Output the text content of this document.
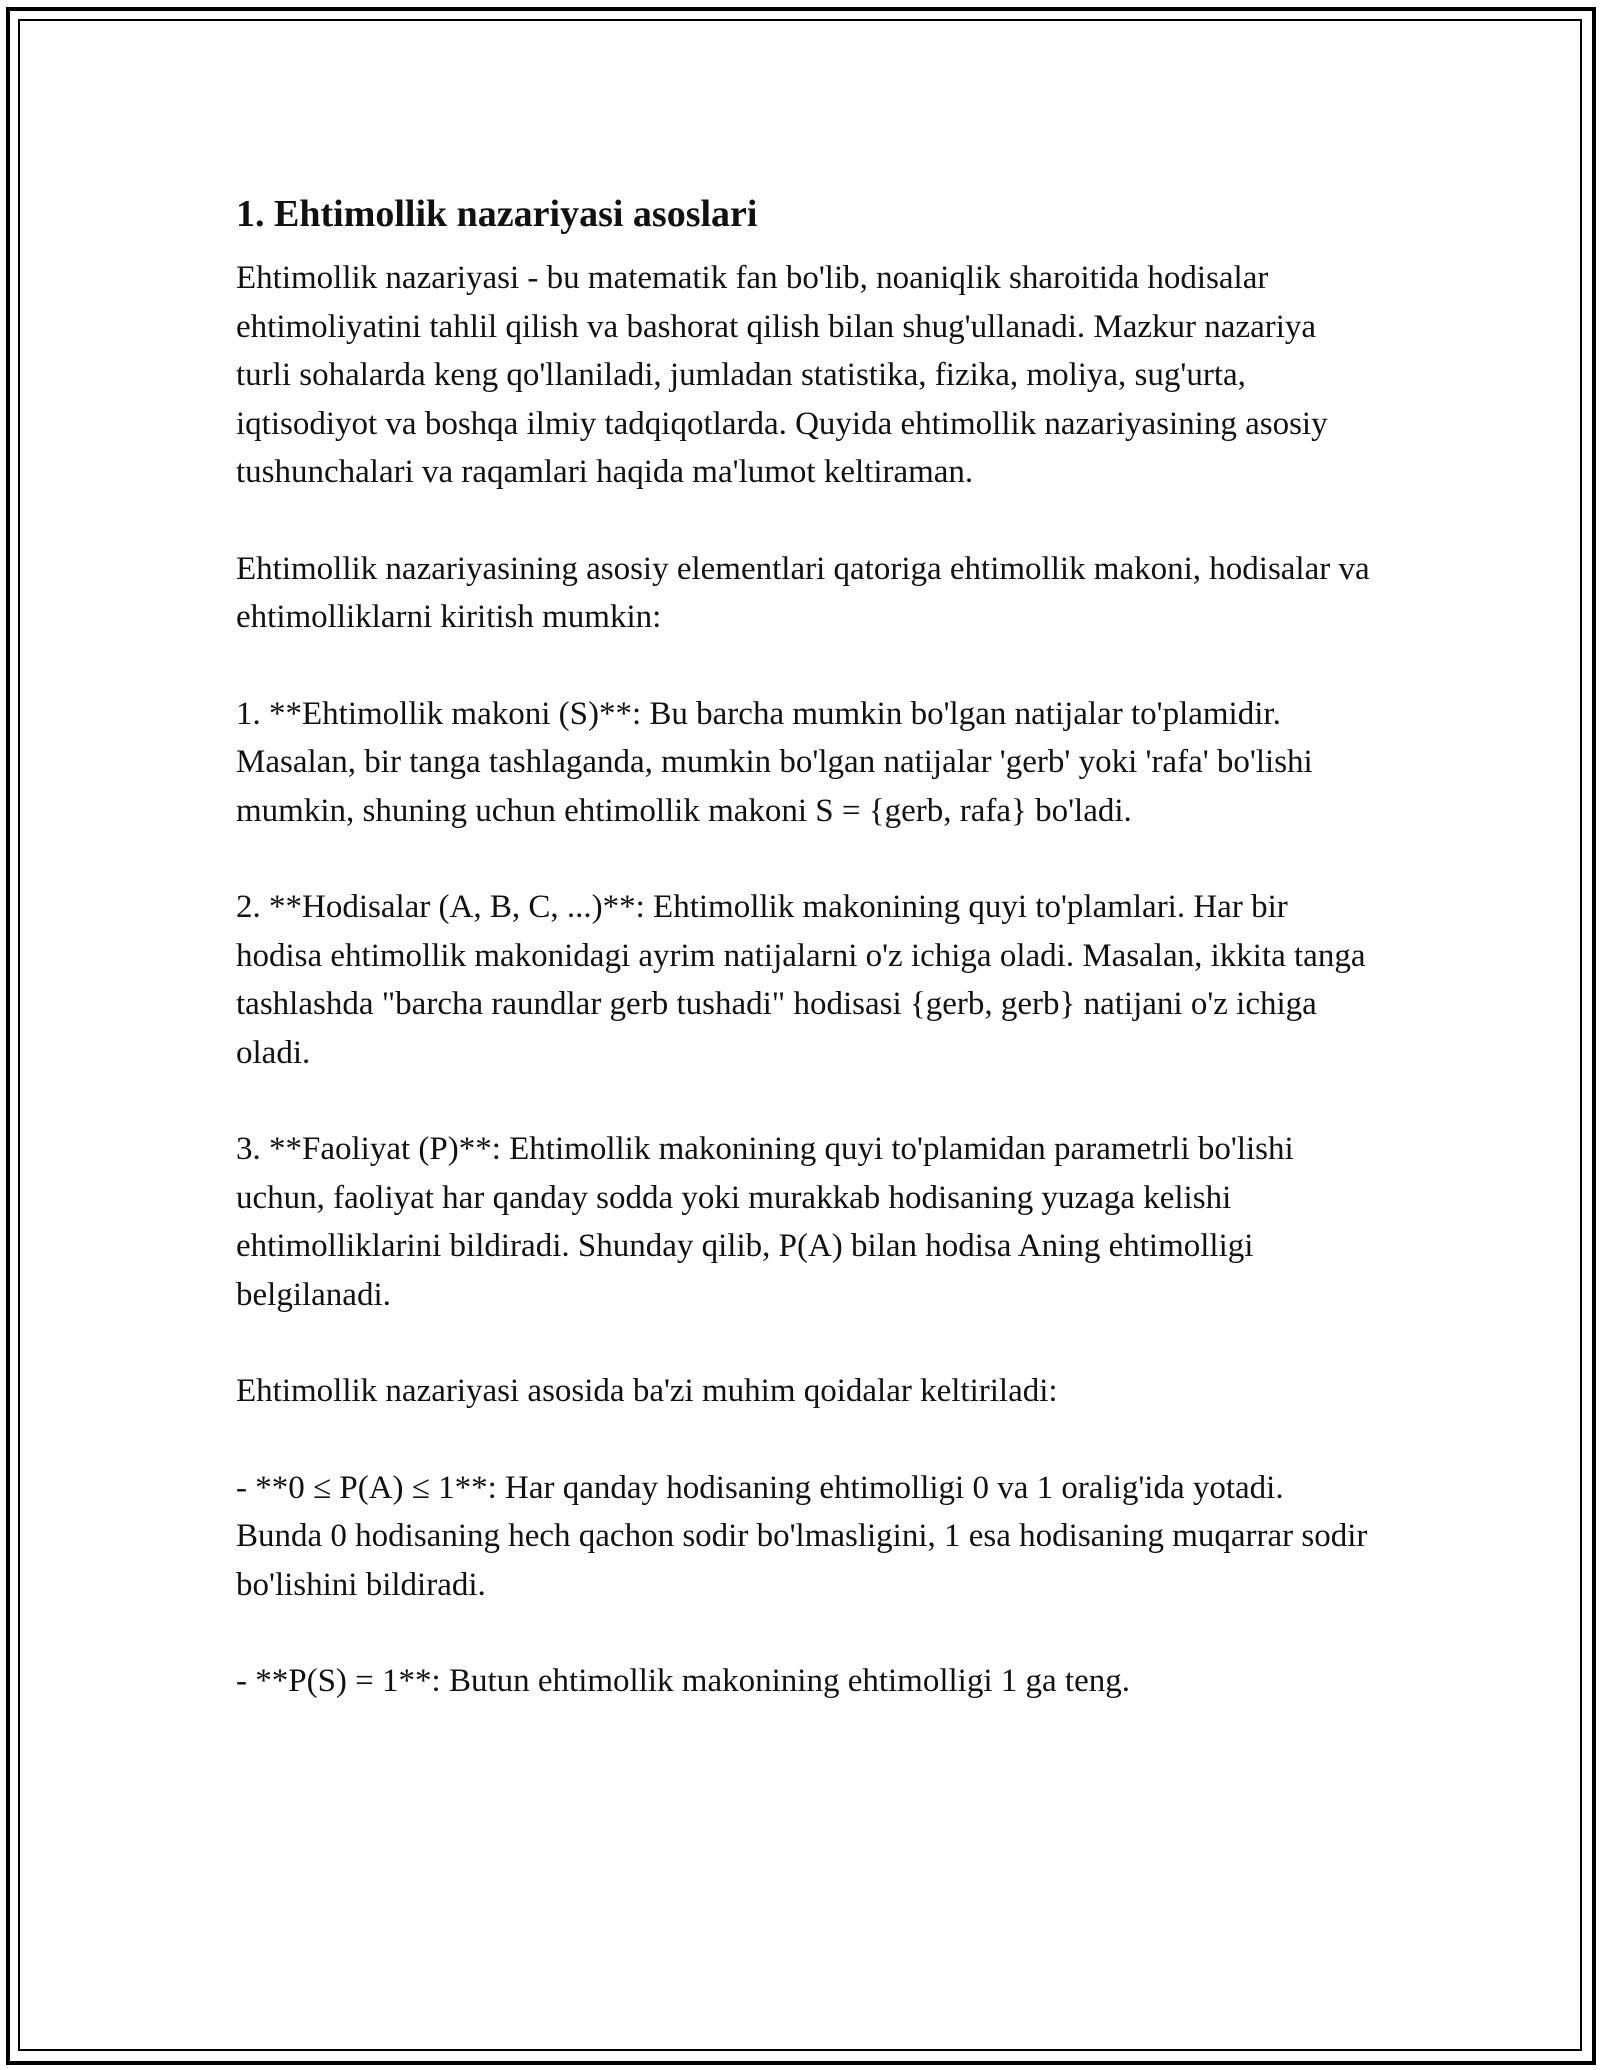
1. Ehtimollik nazariyasi asoslari

Ehtimollik nazariyasi - bu matematik fan bo'lib, noaniqlik sharoitida hodisalar ehtimoliyatini tahlil qilish va bashorat qilish bilan shug'ullanadi. Mazkur nazariya turli sohalarda keng qo'llaniladi, jumladan statistika, fizika, moliya, sug'urta, iqtisodiyot va boshqa ilmiy tadqiqotlarda. Quyida ehtimollik nazariyasining asosiy tushunchalari va raqamlari haqida ma'lumot keltiraman.

Ehtimollik nazariyasining asosiy elementlari qatoriga ehtimollik makoni, hodisalar va ehtimolliklarni kiritish mumkin:

1. **Ehtimollik makoni (S)**: Bu barcha mumkin bo'lgan natijalar to'plamidir. Masalan, bir tanga tashlaganda, mumkin bo'lgan natijalar 'gerb' yoki 'rafa' bo'lishi mumkin, shuning uchun ehtimollik makoni S = {gerb, rafa} bo'ladi.

2. **Hodisalar (A, B, C, ...)**: Ehtimollik makonining quyi to'plamlari. Har bir hodisa ehtimollik makonidagi ayrim natijalarni o'z ichiga oladi. Masalan, ikkita tanga tashlashda "barcha raundlar gerb tushadi" hodisasi {gerb, gerb} natijani o'z ichiga oladi.

3. **Faoliyat (P)**: Ehtimollik makonining quyi to'plamidan parametrli bo'lishi uchun, faoliyat har qanday sodda yoki murakkab hodisaning yuzaga kelishi ehtimolliklarini bildiradi. Shunday qilib, P(A) bilan hodisa Aning ehtimolligi belgilanadi.

Ehtimollik nazariyasi asosida ba'zi muhim qoidalar keltiriladi:

- **0 ≤ P(A) ≤ 1**: Har qanday hodisaning ehtimolligi 0 va 1 oralig'ida yotadi. Bunda 0 hodisaning hech qachon sodir bo'lmasligini, 1 esa hodisaning muqarrar sodir bo'lishini bildiradi.

- **P(S) = 1**: Butun ehtimollik makonining ehtimolligi 1 ga teng.
